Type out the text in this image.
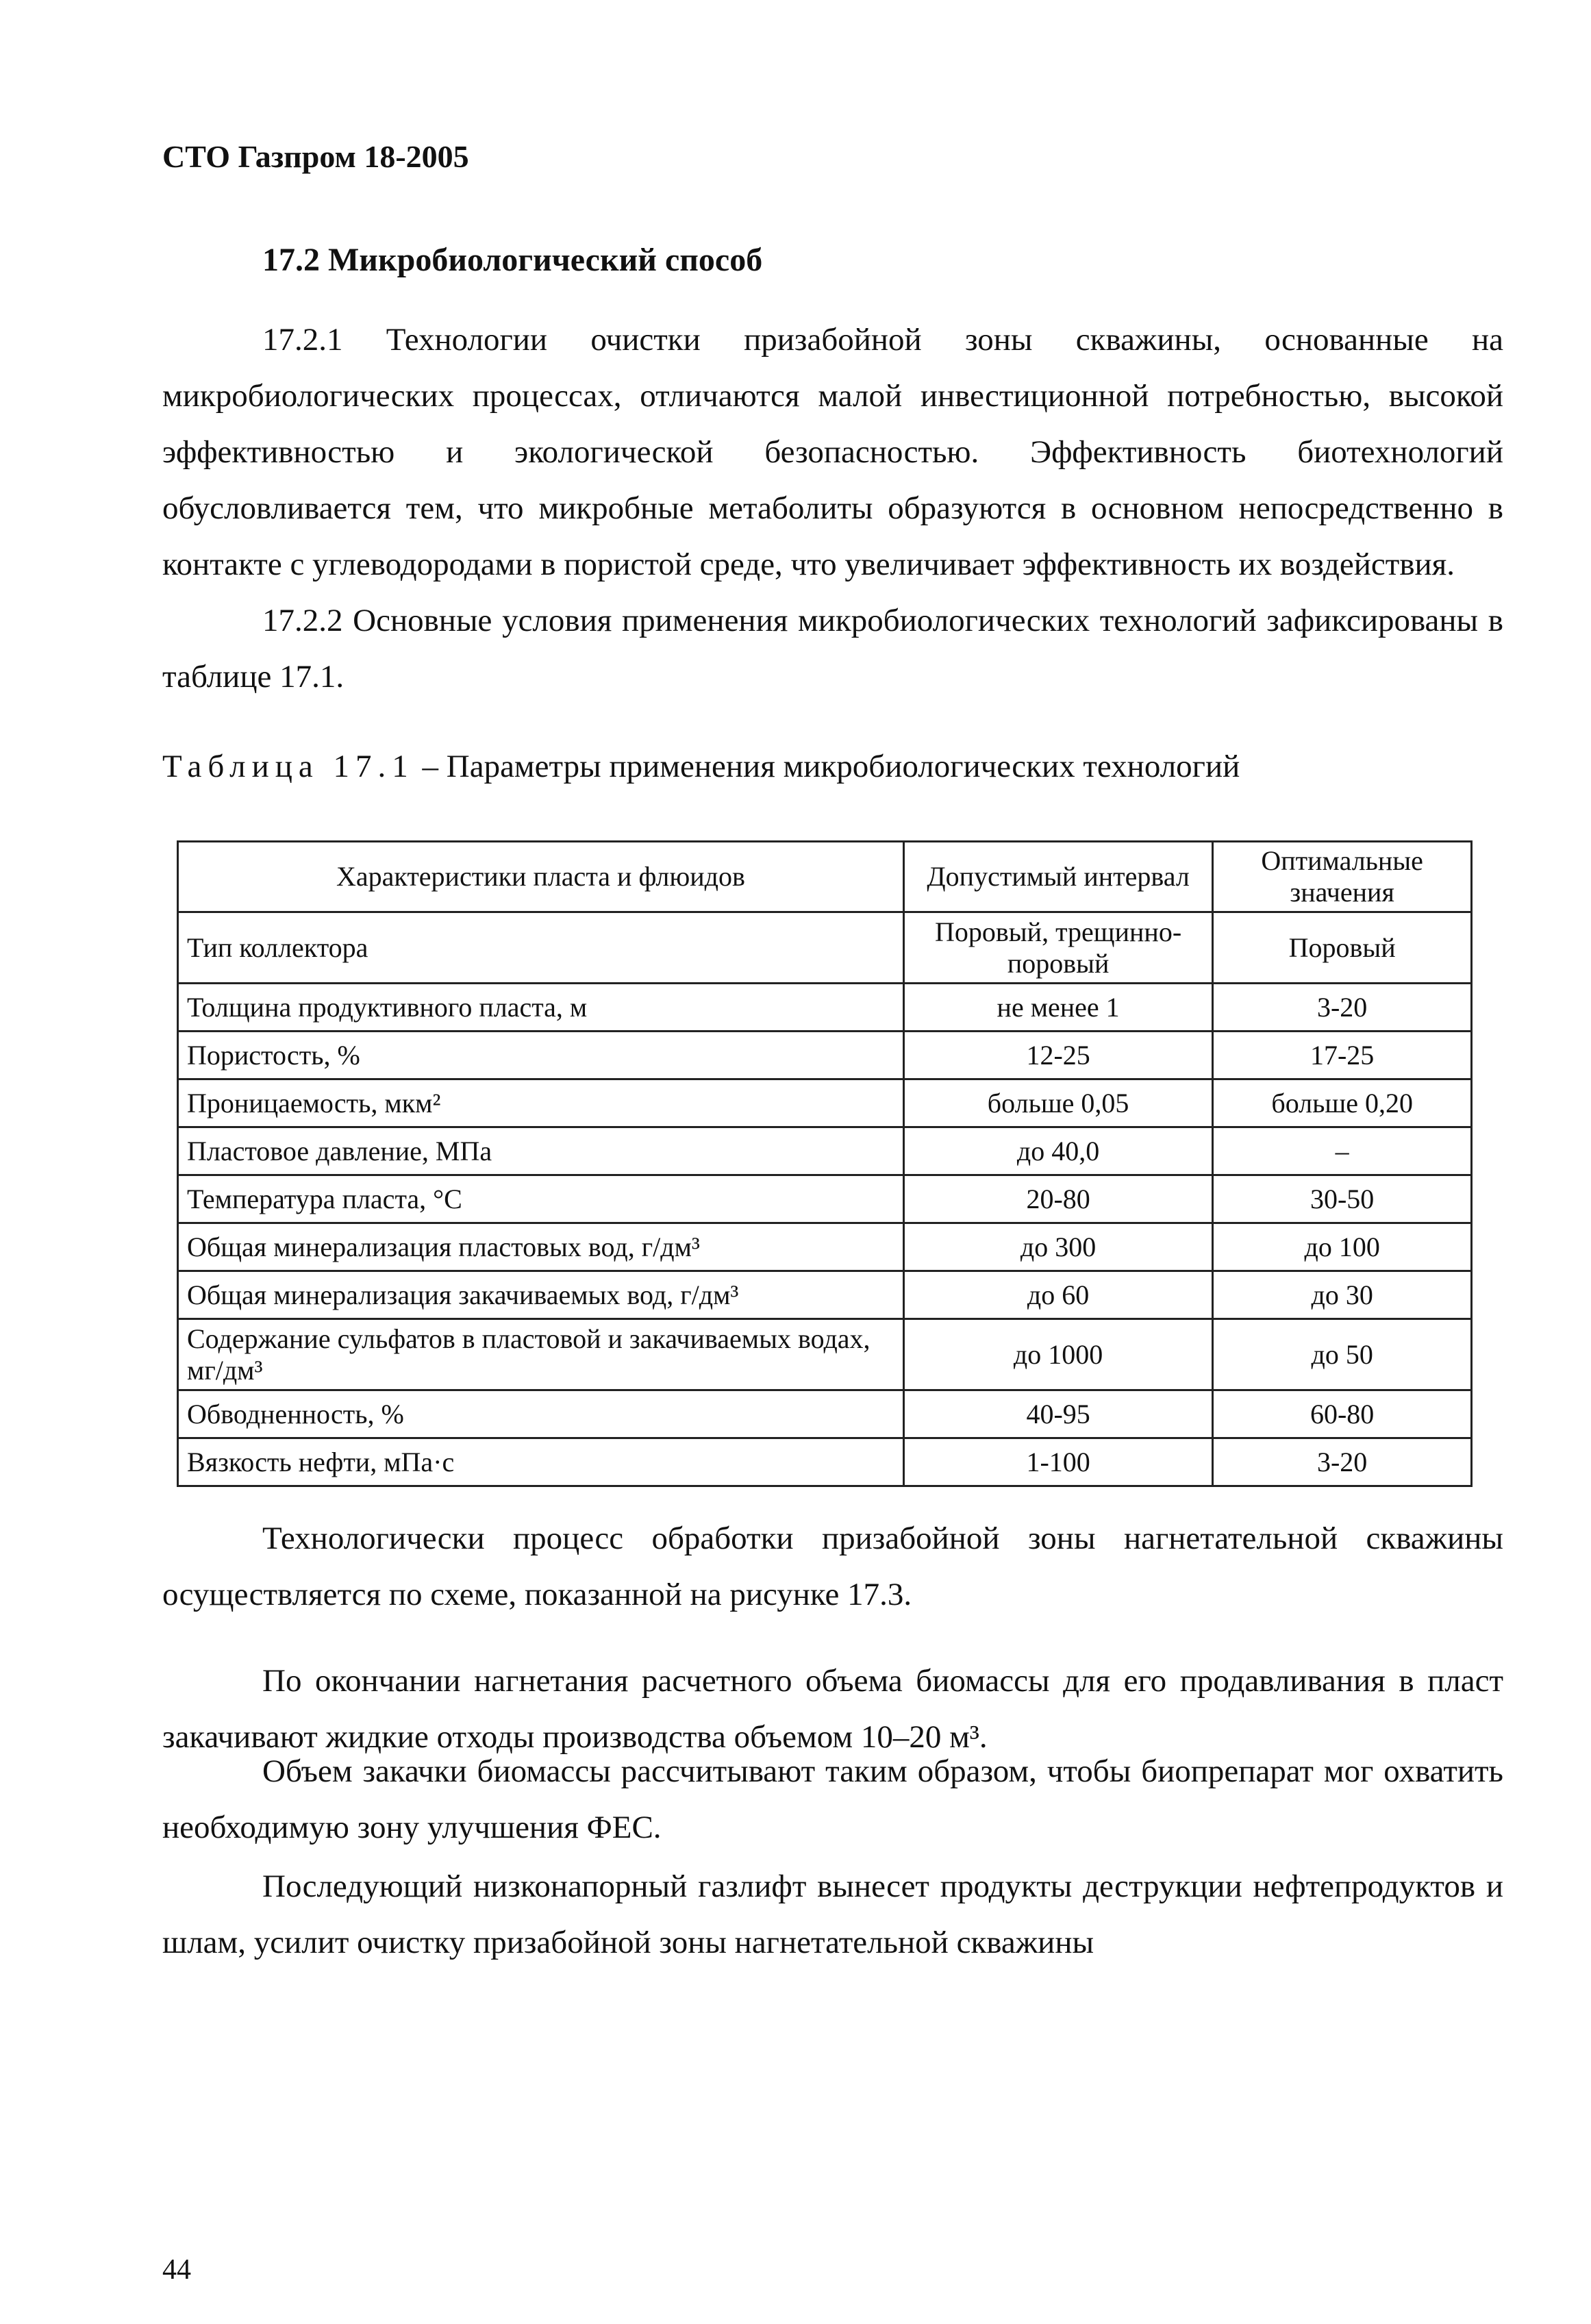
СТО Газпром 18-2005
17.2 Микробиологический способ

17.2.1 Технологии очистки призабойной зоны скважины, основанные на микробиологических процессах, отличаются малой инвестиционной потребностью, высокой эффективностью и экологической безопасностью. Эффективность биотехнологий обусловливается тем, что микробные метаболиты образуются в основном непосредственно в контакте с углеводородами в пористой среде, что увеличивает эффективность их воздействия.

17.2.2 Основные условия применения микробиологических технологий зафиксированы в таблице 17.1.

Таблица 17.1 – Параметры применения микробиологических технологий
Характеристики пласта и флюидов	Допустимый интервал	Оптимальные значения
Тип коллектора	Поровый, трещинно-поровый	Поровый
Толщина продуктивного пласта, м	не менее 1	3-20
Пористость, %	12-25	17-25
Проницаемость, мкм²	больше 0,05	больше 0,20
Пластовое давление, МПа	до 40,0	–
Температура пласта, °С	20-80	30-50
Общая минерализация пластовых вод, г/дм³	до 300	до 100
Общая минерализация закачиваемых вод, г/дм³	до 60	до 30
Содержание сульфатов в пластовой и закачиваемых водах, мг/дм³	до 1000	до 50
Обводненность, %	40-95	60-80
Вязкость нефти, мПа·с	1-100	3-20

Технологически процесс обработки призабойной зоны нагнетательной скважины осуществляется по схеме, показанной на рисунке 17.3.

По окончании нагнетания расчетного объема биомассы для его продавливания в пласт закачивают жидкие отходы производства объемом 10–20 м³.

Объем закачки биомассы рассчитывают таким образом, чтобы биопрепарат мог охватить необходимую зону улучшения ФЕС.

Последующий низконапорный газлифт вынесет продукты деструкции нефтепродуктов и шлам, усилит очистку призабойной зоны нагнетательной скважины

44
